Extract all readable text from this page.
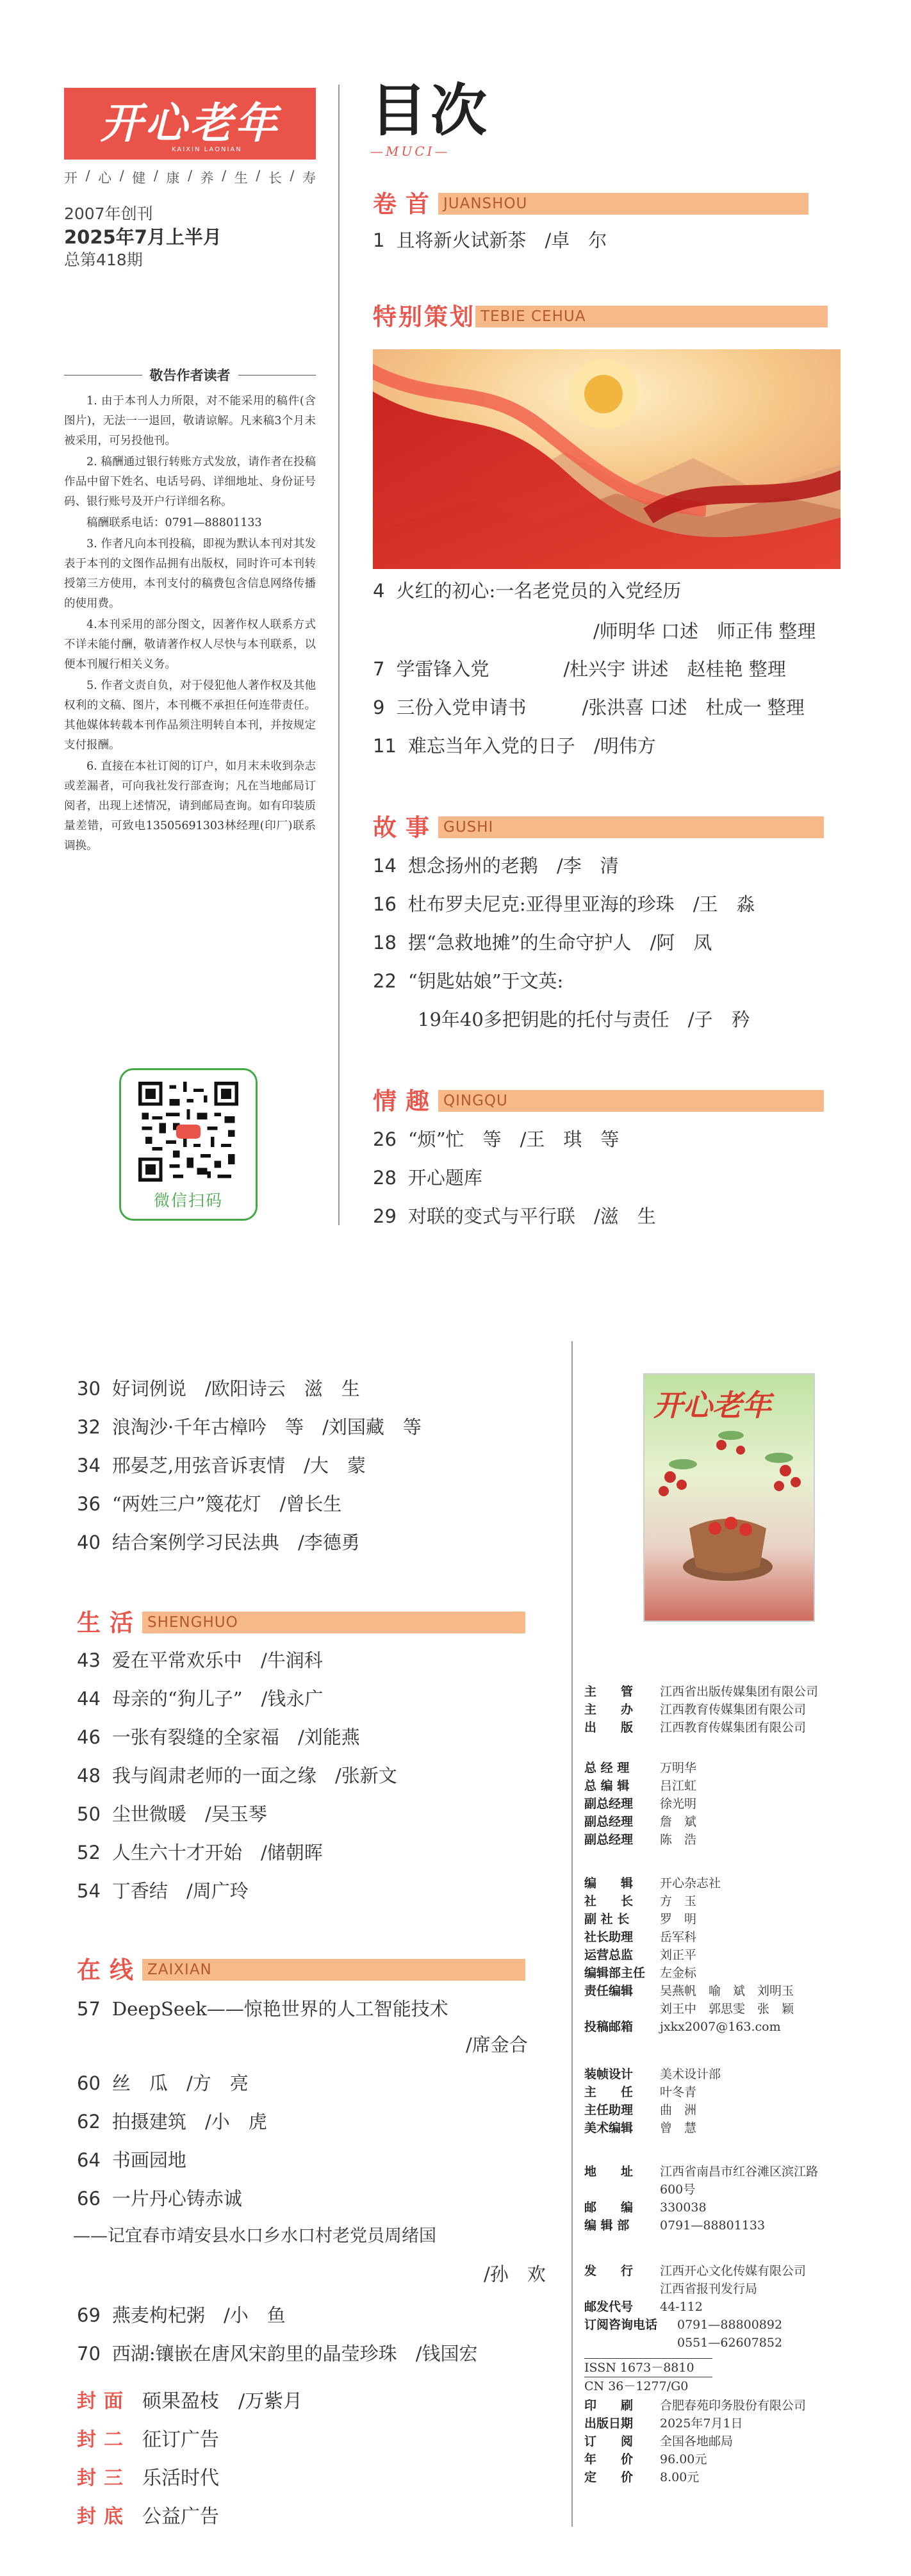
开心老年
KAIXIN LAONIAN
开 / 心 / 健 / 康 / 养 / 生 / 长 / 寿
2007年创刊
2025年7月上半月
总第418期
敬告作者读者

1. 由于本刊人力所限，对不能采用的稿件(含图片)，无法一一退回，敬请谅解。凡来稿3个月未被采用，可另投他刊。

2. 稿酬通过银行转账方式发放，请作者在投稿作品中留下姓名、电话号码、详细地址、身份证号码、银行账号及开户行详细名称。

稿酬联系电话：0791—88801133

3. 作者凡向本刊投稿，即视为默认本刊对其发表于本刊的文图作品拥有出版权，同时许可本刊转授第三方使用，本刊支付的稿费包含信息网络传播的使用费。

4.本刊采用的部分图文，因著作权人联系方式不详未能付酬，敬请著作权人尽快与本刊联系，以便本刊履行相关义务。

5. 作者文责自负，对于侵犯他人著作权及其他权利的文稿、图片，本刊概不承担任何连带责任。其他媒体转载本刊作品须注明转自本刊，并按规定支付报酬。

6. 直接在本社订阅的订户，如月末未收到杂志或差漏者，可向我社发行部查询；凡在当地邮局订阅者，出现上述情况，请到邮局查询。如有印装质量差错，可致电13505691303林经理(印厂)联系调换。

微信扫码
目次
—MUCI—
卷首 JUANSHOU
1 且将新火试新茶　 /卓　尔
特别策划 TEBIE CEHUA
4 火红的初心:一名老党员的入党经历
/师明华 口述　师正伟 整理
7 学雷锋入党　　　　	/杜兴宇 讲述　赵桂艳 整理
9 三份入党申请书　　　	/张洪喜 口述　杜成一 整理
11 难忘当年入党的日子　 /明伟方
故事 GUSHI
14 想念扬州的老鹅　 /李　清
16 杜布罗夫尼克:亚得里亚海的珍珠　 /王　淼
18 摆“急救地摊”的生命守护人　 /阿　凤
22 “钥匙姑娘”于文英:
19年40多把钥匙的托付与责任　/子　矜
情趣 QINGQU
26 “烦”忙　等　 /王　琪　等
28 开心题库
29 对联的变式与平行联　 /滋　生
30 好词例说　 /欧阳诗云　滋　生
32 浪淘沙·千年古樟吟　等　 /刘国藏　等
34 邢晏芝,用弦音诉衷情　 /大　蒙
36 “两姓三户”篾花灯　 /曾长生
40 结合案例学习民法典　 /李德勇
生活 SHENGHUO
43 爱在平常欢乐中　 /牛润科
44 母亲的“狗儿子”　 /钱永广
46 一张有裂缝的全家福　 /刘能燕
48 我与阎肃老师的一面之缘　 /张新文
50 尘世微暖　 /吴玉琴
52 人生六十才开始　 /储朝晖
54 丁香结　 /周广玲
在线 ZAIXIAN
57 DeepSeek——惊艳世界的人工智能技术
/席金合
60 丝　瓜　 /方　亮
62 拍摄建筑　 /小　虎
64 书画园地
66 一片丹心铸赤诚
——记宜春市靖安县水口乡水口村老党员周绪国
/孙　欢
69 燕麦枸杞粥　 /小　鱼
70 西湖:镶嵌在唐风宋韵里的晶莹珍珠　 /钱国宏
封面 硕果盈枝　/万紫月
封二 征订广告
封三 乐活时代
封底 公益广告
开心老年
主　　管	江西省出版传媒集团有限公司
主　　办	江西教育传媒集团有限公司
出　　版	江西教育传媒集团有限公司
总 经 理	万明华
总 编 辑	吕江虹
副总经理	徐光明
副总经理	詹　斌
副总经理	陈　浩
编　　辑	开心杂志社
社　　长	方　玉
副 社 长	罗　明
社长助理	岳军科
运营总监	刘正平
编辑部主任	左金标
责任编辑	吴燕帆　喻　斌　刘明玉
刘王中　郭思雯　张　颖
投稿邮箱	jxkx2007@163.com
装帧设计	美术设计部
主　　任	叶冬青
主任助理	曲　洲
美术编辑	曾　慧
地　　址	江西省南昌市红谷滩区滨江路
600号
邮　　编	330038
编 辑 部	0791—88801133
发　　行	江西开心文化传媒有限公司
江西省报刊发行局
邮发代号	44-112
订阅咨询电话	0791—88800892
0551—62607852
ISSN 1673－8810
CN 36－1277/G0
印　　刷	合肥春苑印务股份有限公司
出版日期	2025年7月1日
订　　阅	全国各地邮局
年　　价	96.00元
定　　价	8.00元
